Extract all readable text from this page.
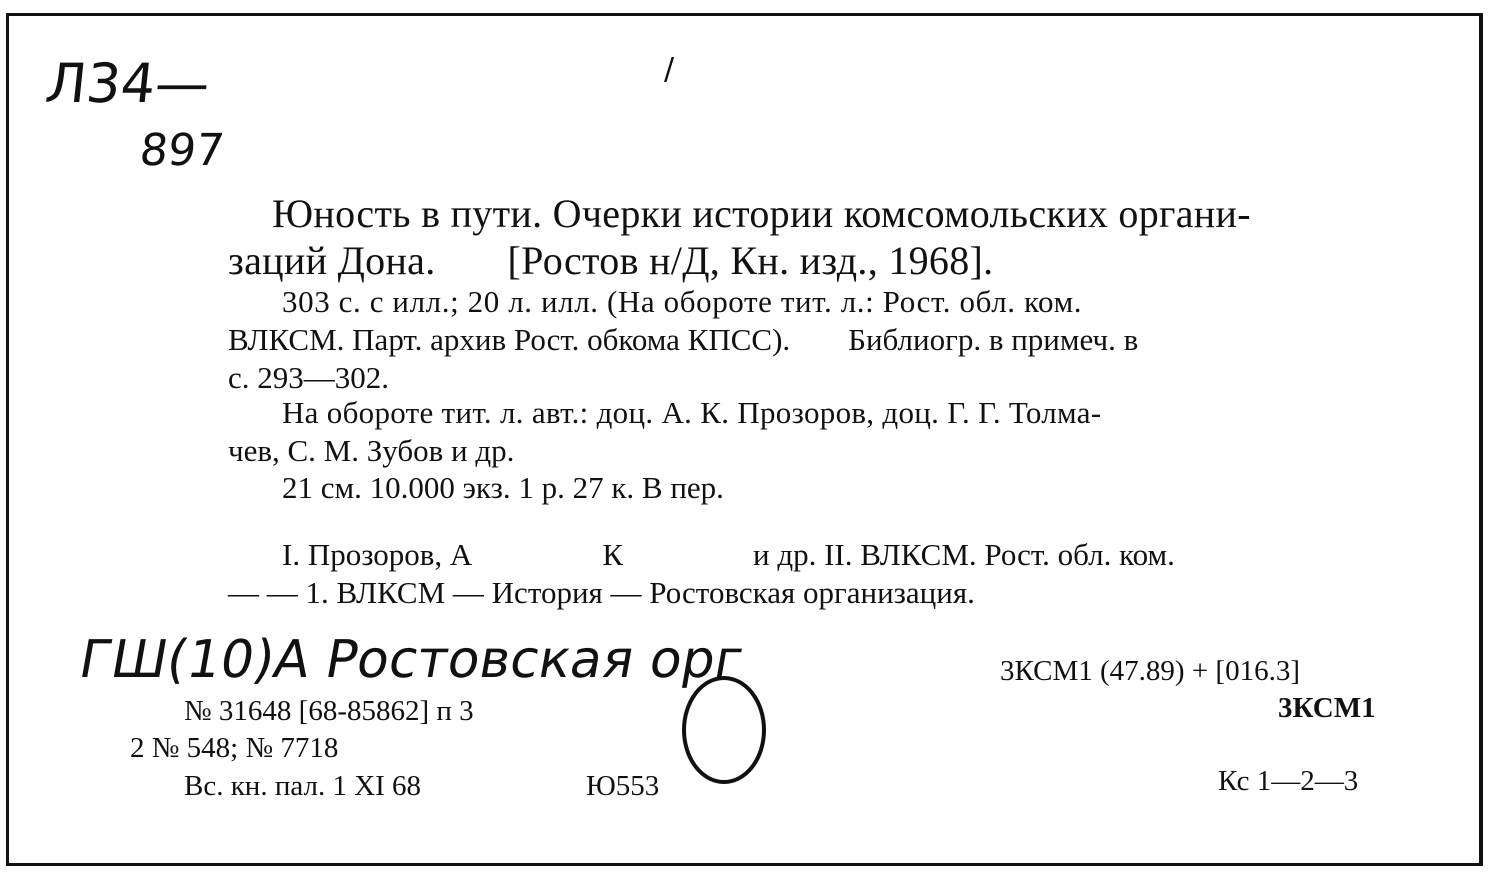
Л34—
897
/
Юность в пути. Очерки истории комсомольских органи-
заций Дона. [Ростов н/Д, Кн. изд., 1968].
303 с. с илл.; 20 л. илл. (На обороте тит. л.: Рост. обл. ком.
ВЛКСМ. Парт. архив Рост. обкома КПСС). Библиогр. в примеч. в
с. 293—302.
На обороте тит. л. авт.: доц. А. К. Прозоров, доц. Г. Г. Толма-
чев, С. М. Зубов и др.
21 см. 10.000 экз. 1 р. 27 к. В пер.
I. Прозоров, А	К	и др. II. ВЛКСМ. Рост. обл. ком.
— — 1. ВЛКСМ — История — Ростовская организация.
ГШ(10)А Ростовская орг
№ 31648 [68-85862] п 3
2 № 548; № 7718
Вс. кн. пал. 1 XI 68	Ю553
3КСМ1 (47.89) + [016.3]
3КСМ1
Кс 1—2—3
